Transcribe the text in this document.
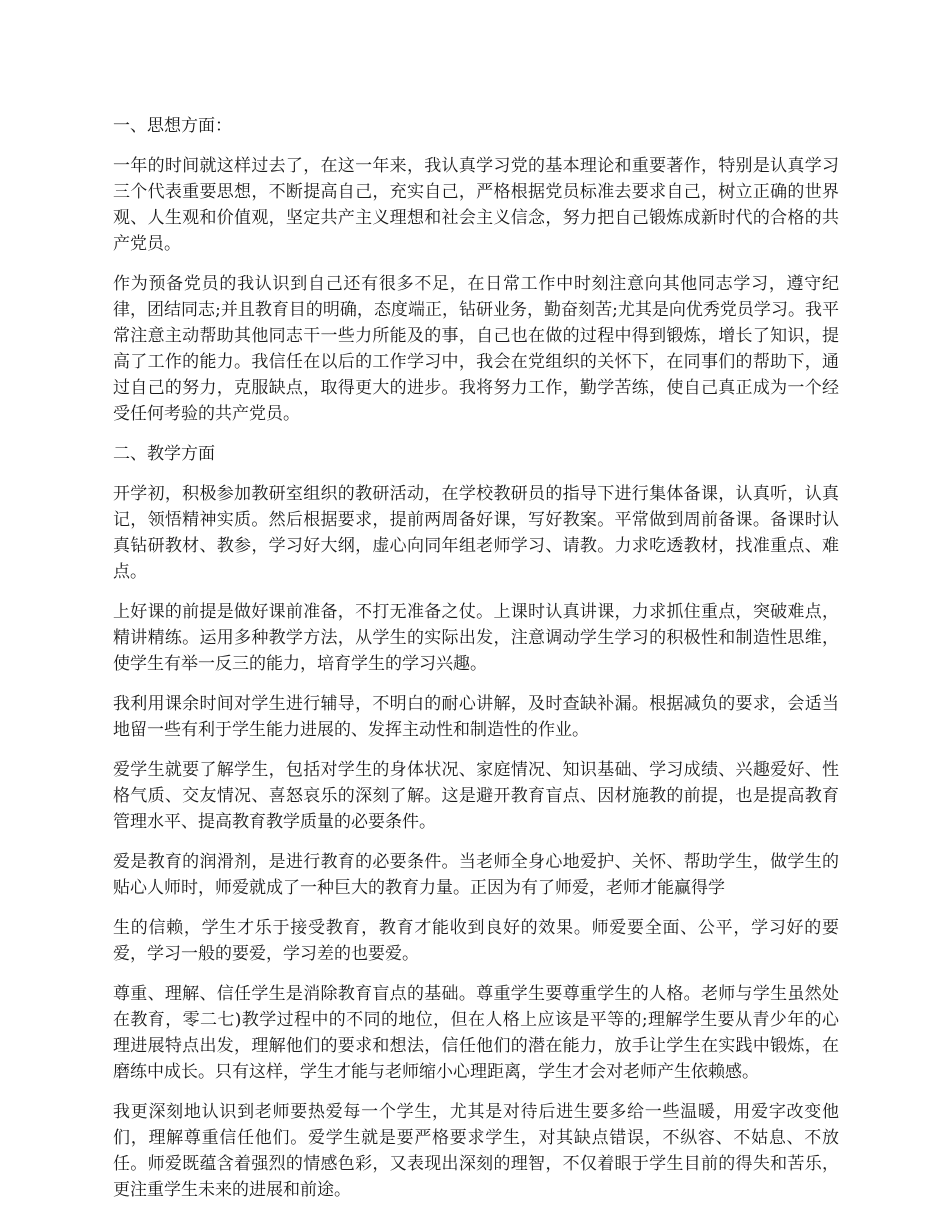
一、思想方面：
一年的时间就这样过去了，在这一年来，我认真学习党的基本理论和重要著作，特别是认真学习三个代表重要思想，不断提高自己，充实自己，严格根据党员标准去要求自己，树立正确的世界观、人生观和价值观，坚定共产主义理想和社会主义信念，努力把自己锻炼成新时代的合格的共产党员。
作为预备党员的我认识到自己还有很多不足，在日常工作中时刻注意向其他同志学习，遵守纪律，团结同志;并且教育目的明确，态度端正，钻研业务，勤奋刻苦;尤其是向优秀党员学习。我平常注意主动帮助其他同志干一些力所能及的事，自己也在做的过程中得到锻炼，增长了知识，提高了工作的能力。我信任在以后的工作学习中，我会在党组织的关怀下，在同事们的帮助下，通过自己的努力，克服缺点，取得更大的进步。我将努力工作，勤学苦练，使自己真正成为一个经受任何考验的共产党员。
二、教学方面
开学初，积极参加教研室组织的教研活动，在学校教研员的指导下进行集体备课，认真听，认真记，领悟精神实质。然后根据要求，提前两周备好课，写好教案。平常做到周前备课。备课时认真钻研教材、教参，学习好大纲，虚心向同年组老师学习、请教。力求吃透教材，找准重点、难点。
上好课的前提是做好课前准备，不打无准备之仗。上课时认真讲课，力求抓住重点，突破难点，精讲精练。运用多种教学方法，从学生的实际出发，注意调动学生学习的积极性和制造性思维，使学生有举一反三的能力，培育学生的学习兴趣。
我利用课余时间对学生进行辅导，不明白的耐心讲解，及时查缺补漏。根据减负的要求，会适当地留一些有利于学生能力进展的、发挥主动性和制造性的作业。
爱学生就要了解学生，包括对学生的身体状况、家庭情况、知识基础、学习成绩、兴趣爱好、性格气质、交友情况、喜怒哀乐的深刻了解。这是避开教育盲点、因材施教的前提，也是提高教育管理水平、提高教育教学质量的必要条件。
爱是教育的润滑剂，是进行教育的必要条件。当老师全身心地爱护、关怀、帮助学生，做学生的贴心人师时，师爱就成了一种巨大的教育力量。正因为有了师爱，老师才能赢得学
生的信赖，学生才乐于接受教育，教育才能收到良好的效果。师爱要全面、公平，学习好的要爱，学习一般的要爱，学习差的也要爱。
尊重、理解、信任学生是消除教育盲点的基础。尊重学生要尊重学生的人格。老师与学生虽然处在教育，零二七)教学过程中的不同的地位，但在人格上应该是平等的;理解学生要从青少年的心理进展特点出发，理解他们的要求和想法，信任他们的潜在能力，放手让学生在实践中锻炼，在磨练中成长。只有这样，学生才能与老师缩小心理距离，学生才会对老师产生依赖感。
我更深刻地认识到老师要热爱每一个学生，尤其是对待后进生要多给一些温暖，用爱字改变他们，理解尊重信任他们。爱学生就是要严格要求学生，对其缺点错误，不纵容、不姑息、不放任。师爱既蕴含着强烈的情感色彩，又表现出深刻的理智，不仅着眼于学生目前的得失和苦乐，更注重学生未来的进展和前途。
